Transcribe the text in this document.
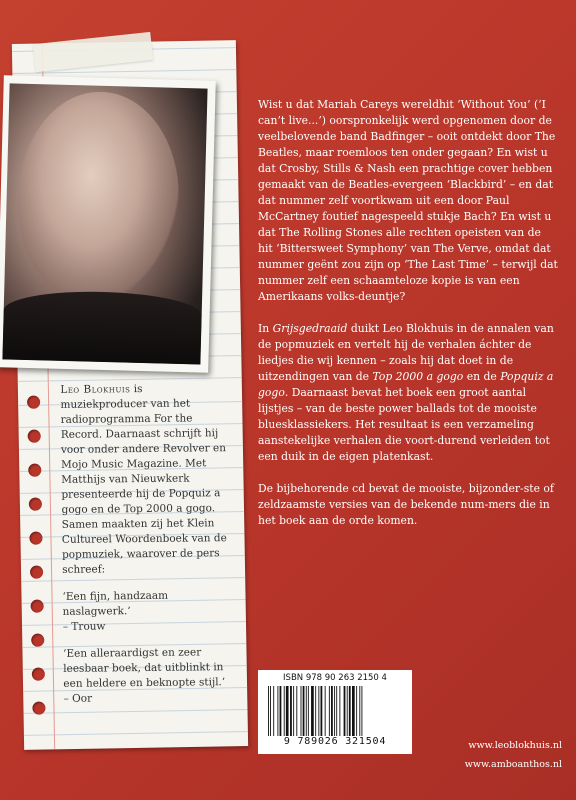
Leo Blokhuis is muziekproducer van het radioprogramma For the Record. Daarnaast schrijft hij voor onder andere Revolver en Mojo Music Magazine. Met Matthijs van Nieuwkerk presenteerde hij de Popquiz a gogo en de Top 2000 a gogo. Samen maakten zij het Klein Cultureel Woordenboek van de popmuziek, waarover de pers schreef:

‘Een fijn, handzaam naslagwerk.’
– Trouw

‘Een alleraardigst en zeer leesbaar boek, dat uitblinkt in een heldere en beknopte stijl.’ – Oor

Wist u dat Mariah Careys wereldhit ‘Without You’ (‘I can’t live...’) oorspronkelijk werd opgenomen door de veelbelovende band Badfinger – ooit ontdekt door The Beatles, maar roemloos ten onder gegaan? En wist u dat Crosby, Stills & Nash een prachtige cover hebben gemaakt van de Beatles-evergeen ‘Blackbird’ – en dat dat nummer zelf voortkwam uit een door Paul McCartney foutief nagespeeld stukje Bach? En wist u dat The Rolling Stones alle rechten opeisten van de hit ‘Bittersweet Symphony’ van The Verve, omdat dat nummer geënt zou zijn op ‘The Last Time’ – terwijl dat nummer zelf een schaamteloze kopie is van een Amerikaans volks-deuntje?

In Grijsgedraaid duikt Leo Blokhuis in de annalen van de popmuziek en vertelt hij de verhalen áchter de liedjes die wij kennen – zoals hij dat doet in de uitzendingen van de Top 2000 a gogo en de Popquiz a gogo. Daarnaast bevat het boek een groot aantal lijstjes – van de beste power ballads tot de mooiste bluesklassiekers. Het resultaat is een verzameling aanstekelijke verhalen die voort-durend verleiden tot een duik in de eigen platenkast.

De bijbehorende cd bevat de mooiste, bijzonder-ste of zeldzaamste versies van de bekende num-mers die in het boek aan de orde komen.

ISBN 978 90 263 2150 4
9 789026 321504	www.leoblokhuis.nl
www.amboanthos.nl
